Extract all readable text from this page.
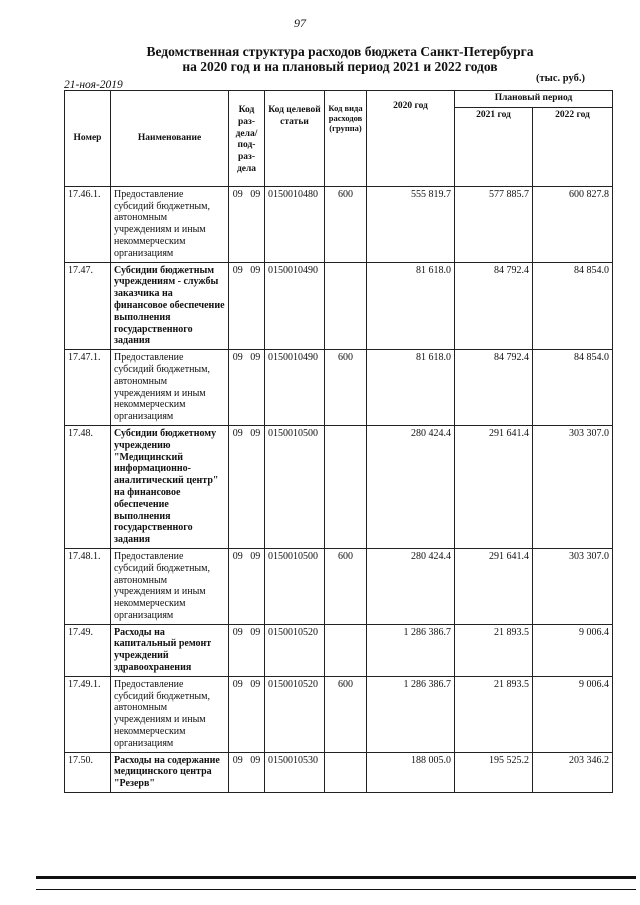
97
Ведомственная структура расходов бюджета Санкт-Петербурга
на 2020 год и на плановый период 2021 и 2022 годов
21-ноя-2019
(тыс. руб.)
Номер	Наименование	Код раз-дела/ под-раз-дела	Код целевой статьи	Код вида расходов (группа)	2020 год	Плановый период	
						2021 год	2022 год
17.46.1.	Предоставление субсидий бюджетным, автономным учреждениям и иным некоммерческим организациям	09 09	0150010480	600	555 819.7	577 885.7	600 827.8
17.47.	Субсидии бюджетным учреждениям - службы заказчика на финансовое обеспечение выполнения государственного задания	09 09	0150010490		81 618.0	84 792.4	84 854.0
17.47.1.	Предоставление субсидий бюджетным, автономным учреждениям и иным некоммерческим организациям	09 09	0150010490	600	81 618.0	84 792.4	84 854.0
17.48.	Субсидии бюджетному учреждению "Медицинский информационно-аналитический центр" на финансовое обеспечение выполнения государственного задания	09 09	0150010500		280 424.4	291 641.4	303 307.0
17.48.1.	Предоставление субсидий бюджетным, автономным учреждениям и иным некоммерческим организациям	09 09	0150010500	600	280 424.4	291 641.4	303 307.0
17.49.	Расходы на капитальный ремонт учреждений здравоохранения	09 09	0150010520		1 286 386.7	21 893.5	9 006.4
17.49.1.	Предоставление субсидий бюджетным, автономным учреждениям и иным некоммерческим организациям	09 09	0150010520	600	1 286 386.7	21 893.5	9 006.4
17.50.	Расходы на содержание медицинского центра "Резерв"	09 09	0150010530		188 005.0	195 525.2	203 346.2
